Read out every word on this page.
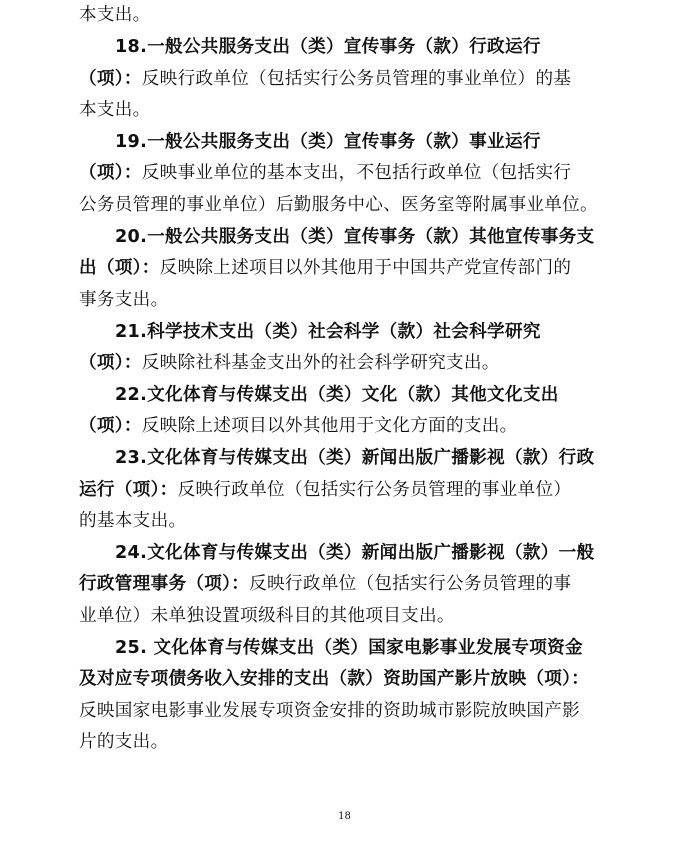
本支出。
18.一般公共服务支出（类）宣传事务（款）行政运行
（项）：反映行政单位（包括实行公务员管理的事业单位）的基
本支出。
19.一般公共服务支出（类）宣传事务（款）事业运行
（项）：反映事业单位的基本支出，不包括行政单位（包括实行
公务员管理的事业单位）后勤服务中心、医务室等附属事业单位。
20.一般公共服务支出（类）宣传事务（款）其他宣传事务支
出（项）：反映除上述项目以外其他用于中国共产党宣传部门的
事务支出。
21.科学技术支出（类）社会科学（款）社会科学研究
（项）：反映除社科基金支出外的社会科学研究支出。
22.文化体育与传媒支出（类）文化（款）其他文化支出
（项）：反映除上述项目以外其他用于文化方面的支出。
23.文化体育与传媒支出（类）新闻出版广播影视（款）行政
运行（项）：反映行政单位（包括实行公务员管理的事业单位）
的基本支出。
24.文化体育与传媒支出（类）新闻出版广播影视（款）一般
行政管理事务（项）：反映行政单位（包括实行公务员管理的事
业单位）未单独设置项级科目的其他项目支出。
25. 文化体育与传媒支出（类）国家电影事业发展专项资金
及对应专项债务收入安排的支出（款）资助国产影片放映（项）：
反映国家电影事业发展专项资金安排的资助城市影院放映国产影
片的支出。
18
